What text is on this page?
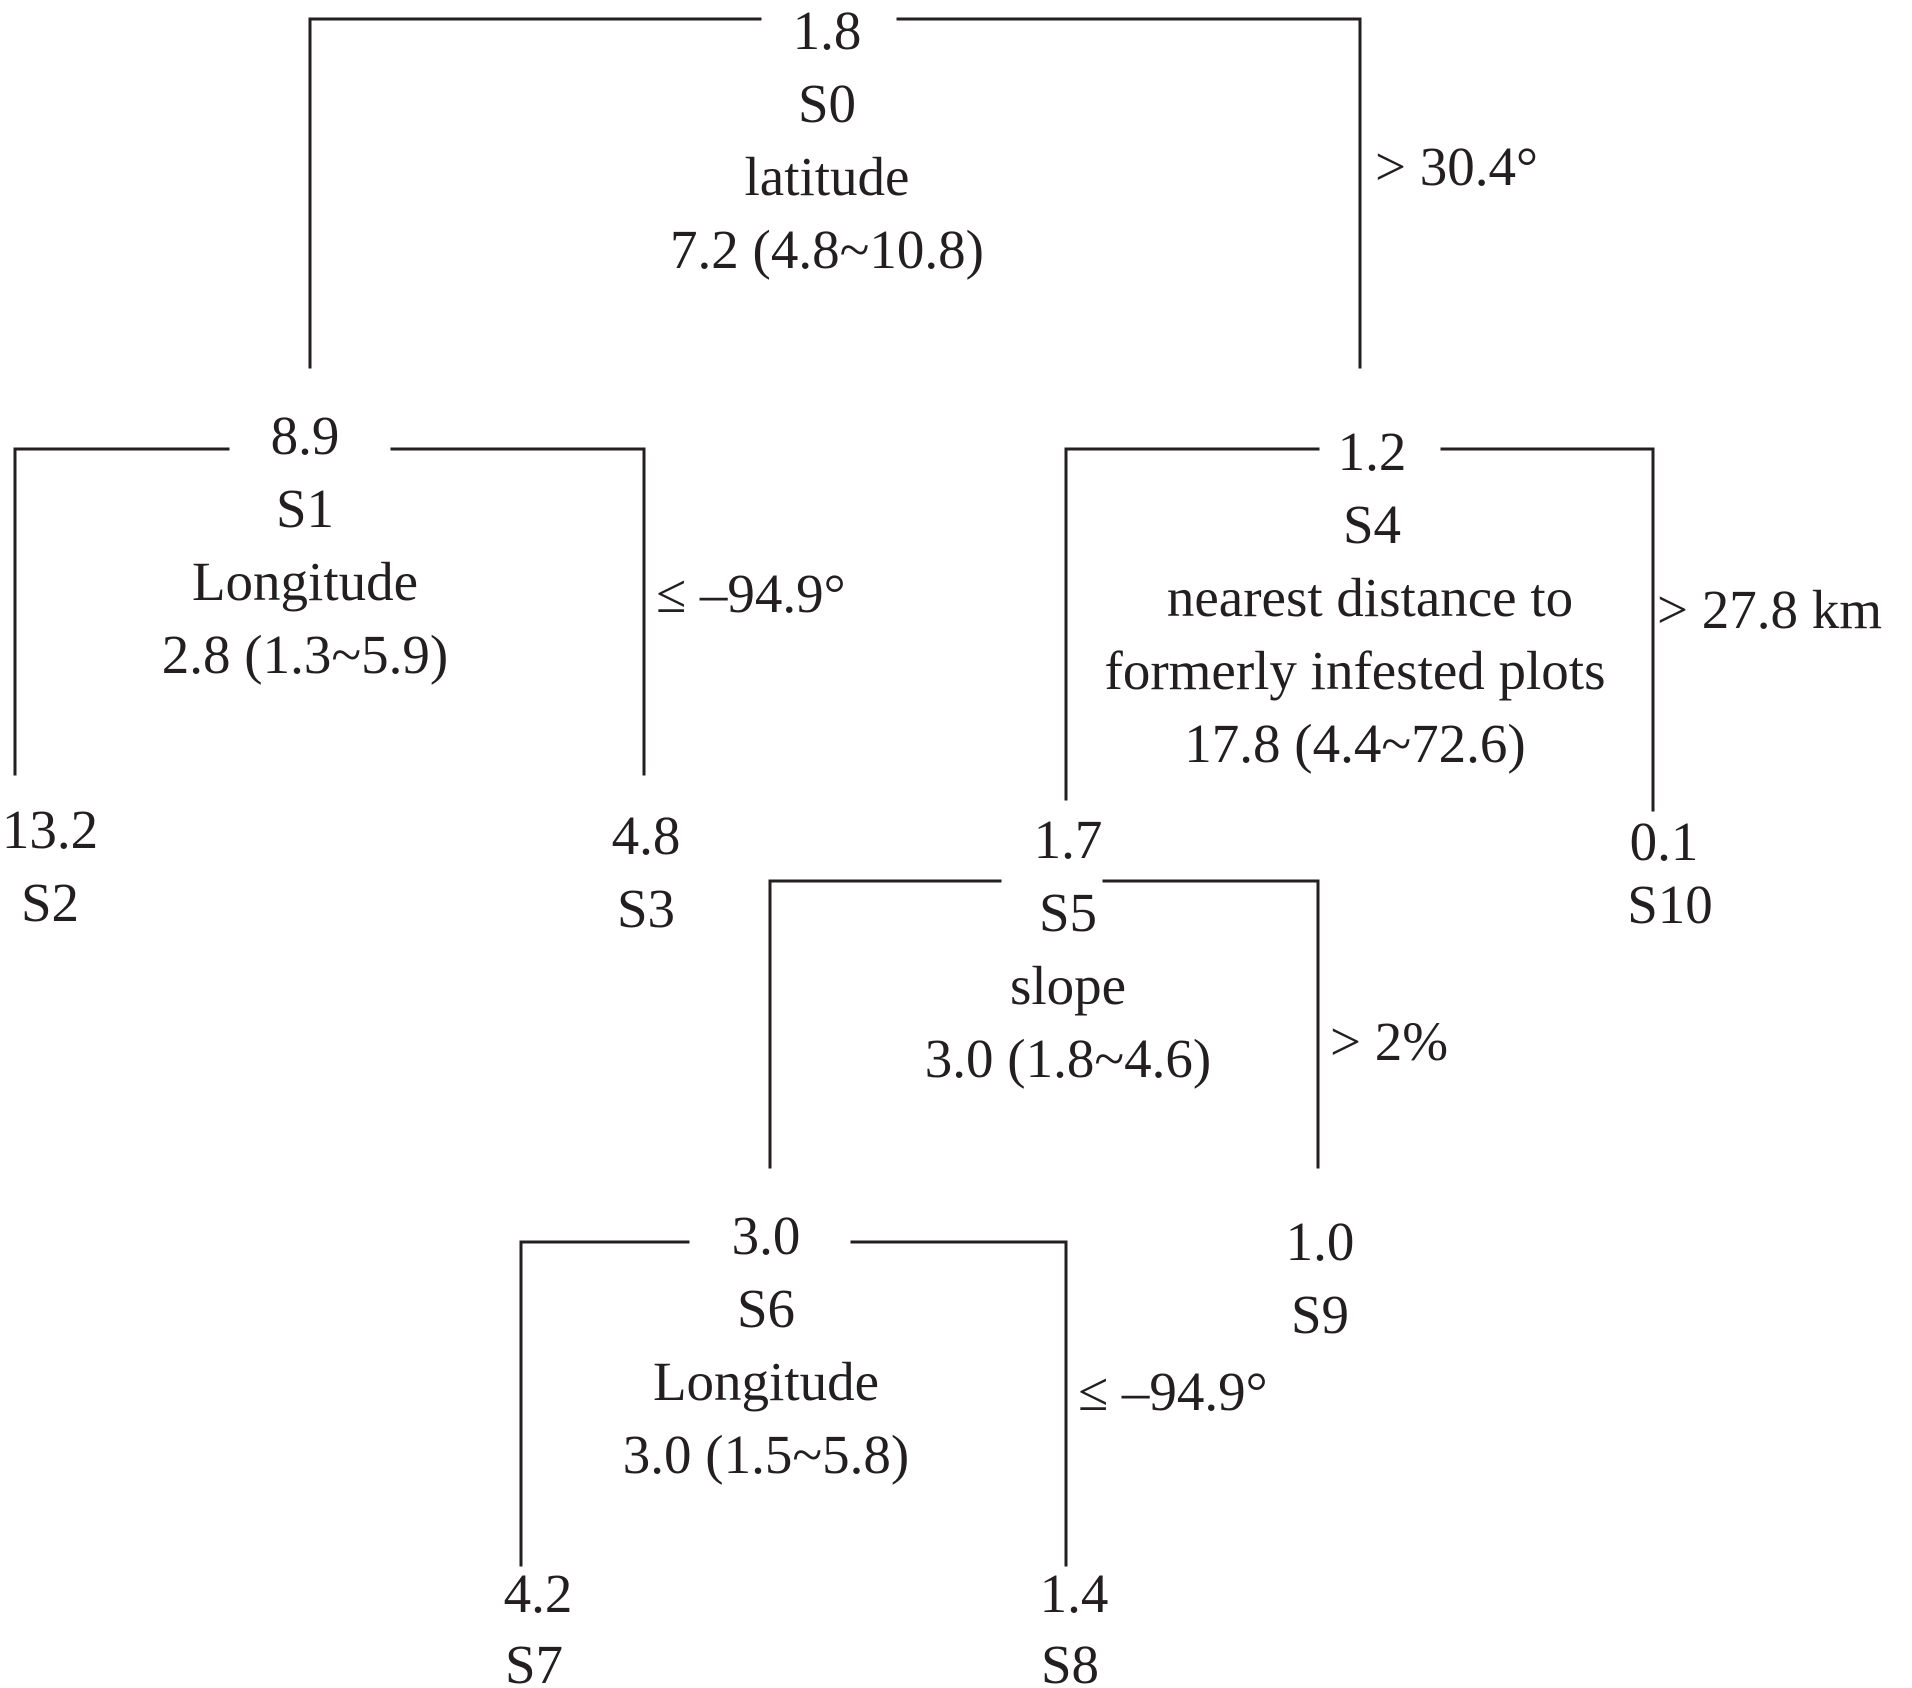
1.8
S0
latitude
7.2 (4.8~10.8)
8.9
S1
Longitude
2.8 (1.3~5.9)
13.2
S2
4.8
S3
1.2
S4
nearest distance to
formerly infested plots
17.8 (4.4~72.6)
1.7
S5
slope
3.0 (1.8~4.6)
3.0
S6
Longitude
3.0 (1.5~5.8)
4.2
S7
1.4
S8
1.0
S9
0.1
S10
> 30.4°
≤ –94.9°	> 27.8 km
> 2%
≤ –94.9°
